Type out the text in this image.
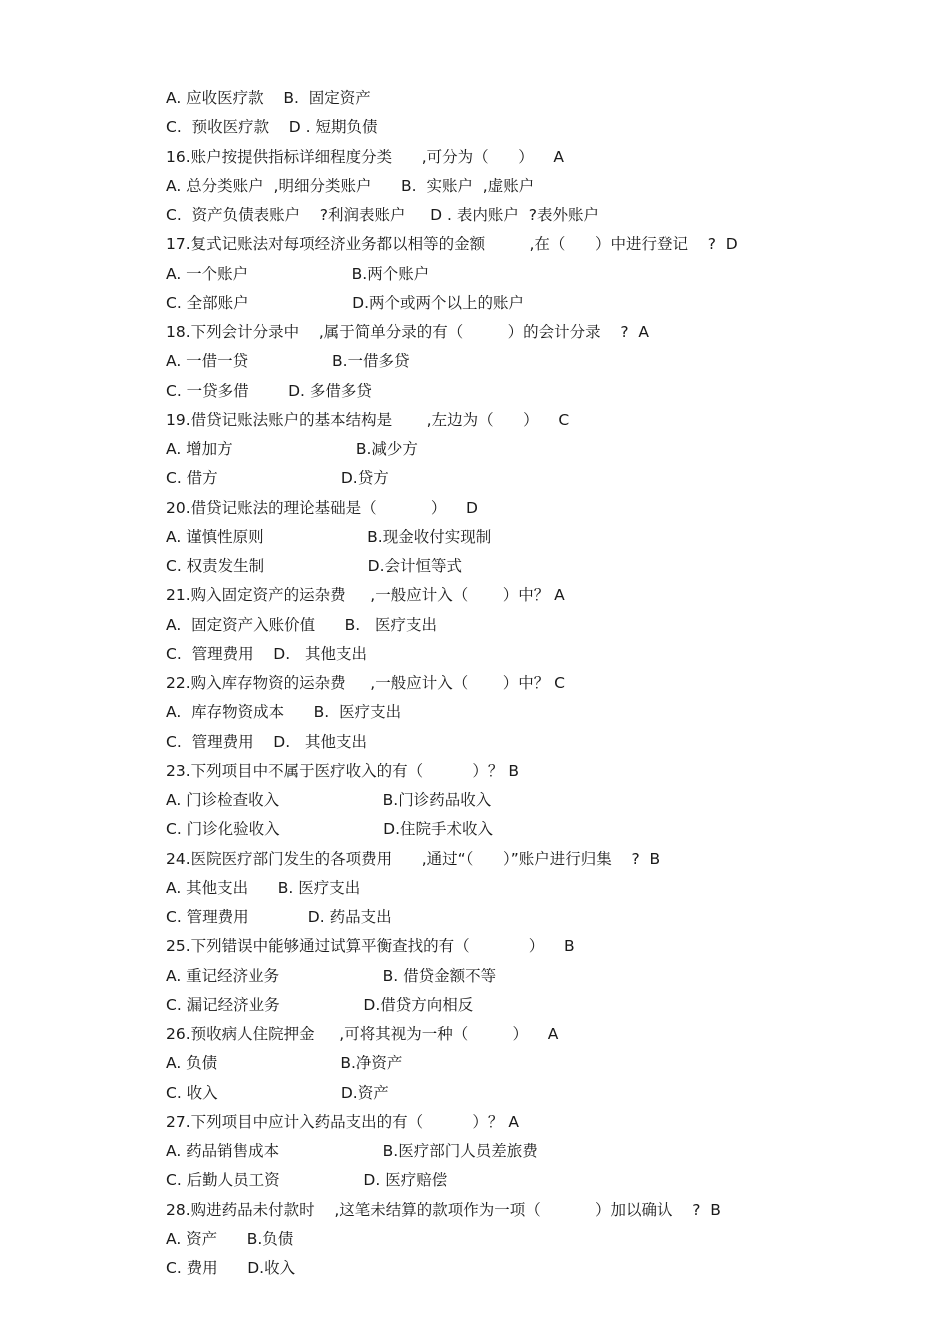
A. 应收医疗款    B.  固定资产
C.  预收医疗款    D . 短期负债
16.账户按提供指标详细程度分类      ,可分为（      ）    A
A. 总分类账户  ,明细分类账户      B.  实账户  ,虚账户
C.  资产负债表账户    ?利润表账户     D . 表内账户  ?表外账户
17.复式记账法对每项经济业务都以相等的金额         ,在（      ）中进行登记    ?  D
A. 一个账户                     B.两个账户
C. 全部账户                     D.两个或两个以上的账户
18.下列会计分录中    ,属于简单分录的有（         ）的会计分录    ?  A
A. 一借一贷                 B.一借多贷
C. 一贷多借        D. 多借多贷
19.借贷记账法账户的基本结构是       ,左边为（      ）    C
A. 增加方                         B.减少方
C. 借方                         D.贷方
20.借贷记账法的理论基础是（           ）    D
A. 谨慎性原则                     B.现金收付实现制
C. 权责发生制                     D.会计恒等式
21.购入固定资产的运杂费     ,一般应计入（       ）中？ A
A.  固定资产入账价值      B.   医疗支出
C.  管理费用    D.   其他支出
22.购入库存物资的运杂费     ,一般应计入（       ）中？ C
A.  库存物资成本      B.  医疗支出
C.  管理费用    D.   其他支出
23.下列项目中不属于医疗收入的有（          ）？ B
A. 门诊检查收入                     B.门诊药品收入
C. 门诊化验收入                     D.住院手术收入
24.医院医疗部门发生的各项费用      ,通过“（      ）”账户进行归集    ?  B
A. 其他支出      B. 医疗支出
C. 管理费用            D. 药品支出
25.下列错误中能够通过试算平衡查找的有（            ）    B
A. 重记经济业务                     B. 借贷金额不等
C. 漏记经济业务                 D.借贷方向相反
26.预收病人住院押金     ,可将其视为一种（         ）    A
A. 负债                         B.净资产
C. 收入                         D.资产
27.下列项目中应计入药品支出的有（          ）？ A
A. 药品销售成本                     B.医疗部门人员差旅费
C. 后勤人员工资                 D. 医疗赔偿
28.购进药品未付款时    ,这笔未结算的款项作为一项（           ）加以确认    ?  B
A. 资产      B.负债
C. 费用      D.收入
